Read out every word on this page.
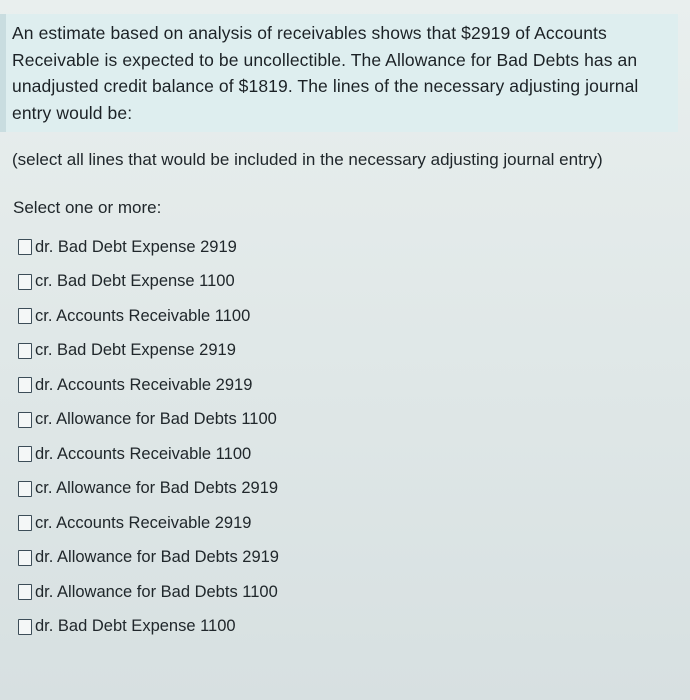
An estimate based on analysis of receivables shows that $2919 of Accounts Receivable is expected to be uncollectible. The Allowance for Bad Debts has an unadjusted credit balance of $1819. The lines of the necessary adjusting journal entry would be:

(select all lines that would be included in the necessary adjusting journal entry)
Select one or more:
dr. Bad Debt Expense 2919
cr. Bad Debt Expense 1100
cr. Accounts Receivable 1100
cr. Bad Debt Expense 2919
dr. Accounts Receivable 2919
cr. Allowance for Bad Debts 1100
dr. Accounts Receivable 1100
cr. Allowance for Bad Debts 2919
cr. Accounts Receivable 2919
dr. Allowance for Bad Debts 2919
dr. Allowance for Bad Debts 1100
dr. Bad Debt Expense 1100
